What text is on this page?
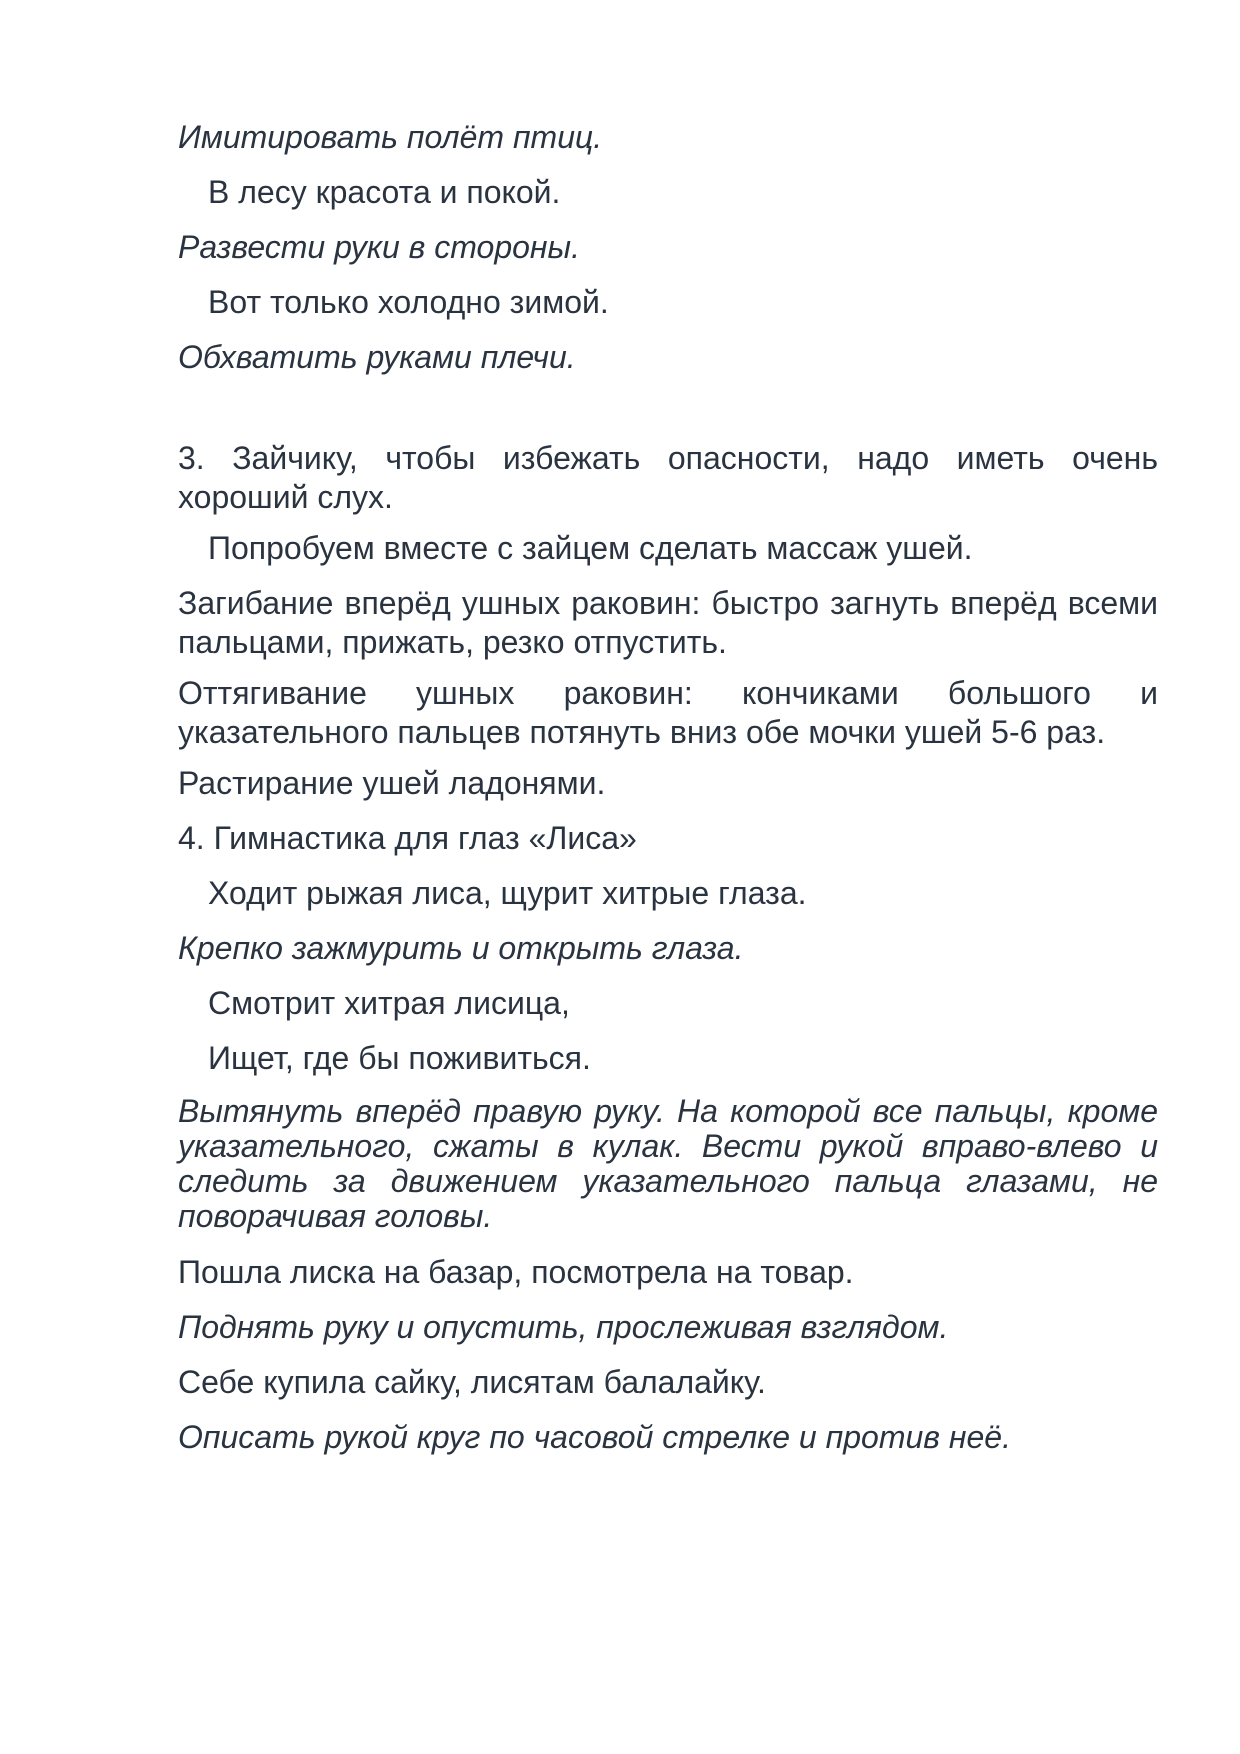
Имитировать полёт птиц.

В лесу красота и покой.

Развести руки в стороны.

Вот только холодно зимой.

Обхватить руками плечи.

3. Зайчику, чтобы избежать опасности, надо иметь очень хороший слух.

Попробуем вместе с зайцем сделать массаж ушей.

Загибание вперёд ушных раковин: быстро загнуть вперёд всеми пальцами, прижать, резко отпустить.

Оттягивание ушных раковин: кончиками большого и указательного пальцев потянуть вниз обе мочки ушей 5-6 раз.

Растирание ушей ладонями.

4. Гимнастика для глаз «Лиса»

Ходит рыжая лиса, щурит хитрые глаза.

Крепко зажмурить и открыть глаза.

Смотрит хитрая лисица,

Ищет, где бы поживиться.

Вытянуть вперёд правую руку. На которой все пальцы, кроме указательного, сжаты в кулак. Вести рукой вправо-влево и следить за движением указательного пальца глазами, не поворачивая головы.

Пошла лиска на базар, посмотрела на товар.

Поднять руку и опустить, прослеживая взглядом.

Себе купила сайку, лисятам балалайку.

Описать рукой круг по часовой стрелке и против неё.
